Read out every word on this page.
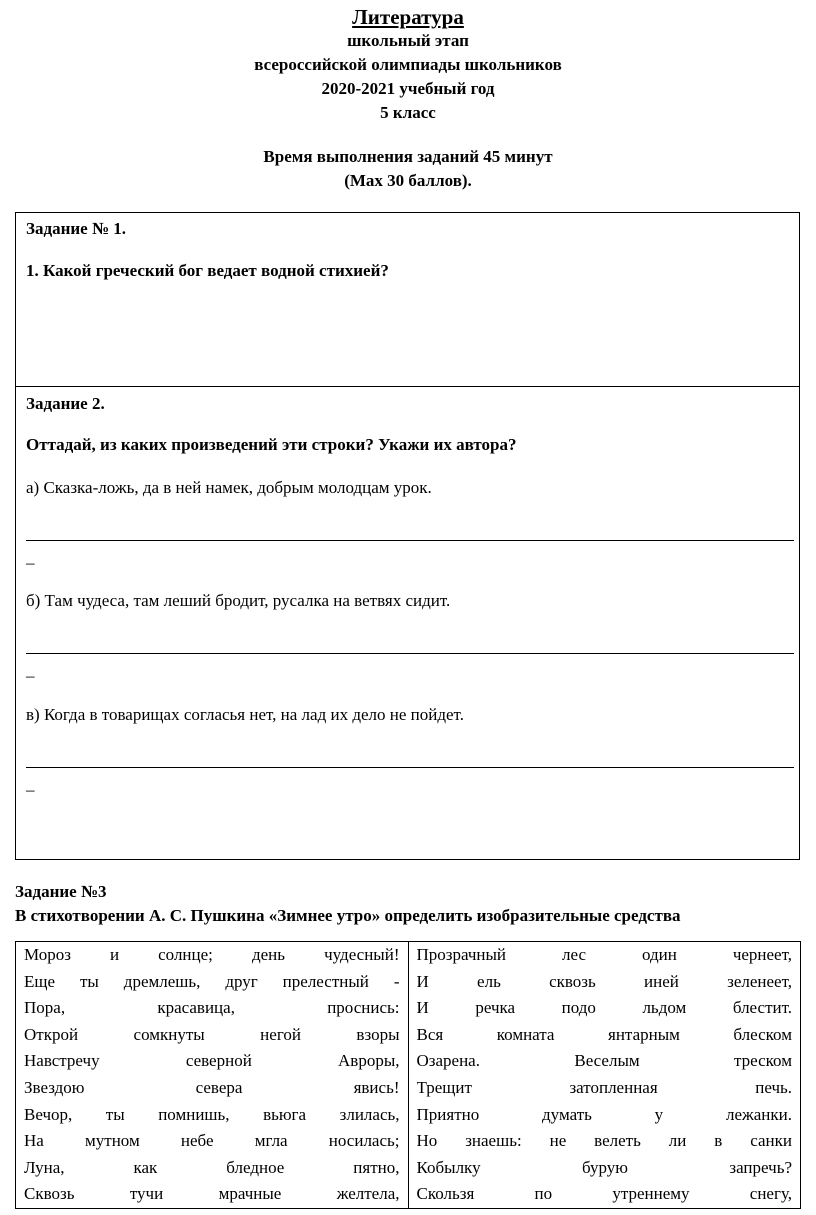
Литература
школьный этап
всероссийской олимпиады школьников
2020-2021 учебный год
5 класс
Время выполнения заданий 45 минут
(Max 30 баллов).
Задание № 1.
1. Какой греческий бог ведает водной стихией?
Задание 2.
Оттадай, из каких произведений эти строки? Укажи их автора?
а) Сказка-ложь, да в ней намек, добрым молодцам урок.
–
б) Там чудеса, там леший бродит, русалка на ветвях сидит.
–
в) Когда в товарищах согласья нет, на лад их дело не пойдет.
–
Задание №3
В стихотворении А. С. Пушкина «Зимнее утро» определить изобразительные средства
Мороз и солнце; день чудесный!
Еще ты дремлешь, друг прелестный -
Пора, красавица, проснись:
Открой сомкнуты негой взоры
Навстречу северной Авроры,
Звездою севера явись!
Вечор, ты помнишь, вьюга злилась,
На мутном небе мгла носилась;
Луна, как бледное пятно,
Сквозь тучи мрачные желтела,

Прозрачный лес один чернеет,
И ель сквозь иней зеленеет,
И речка подо льдом блестит.
Вся комната янтарным блеском
Озарена. Веселым треском
Трещит затопленная печь.
Приятно думать у лежанки.
Но знаешь: не велеть ли в санки
Кобылку бурую запречь?
Скользя по утреннему снегу,
